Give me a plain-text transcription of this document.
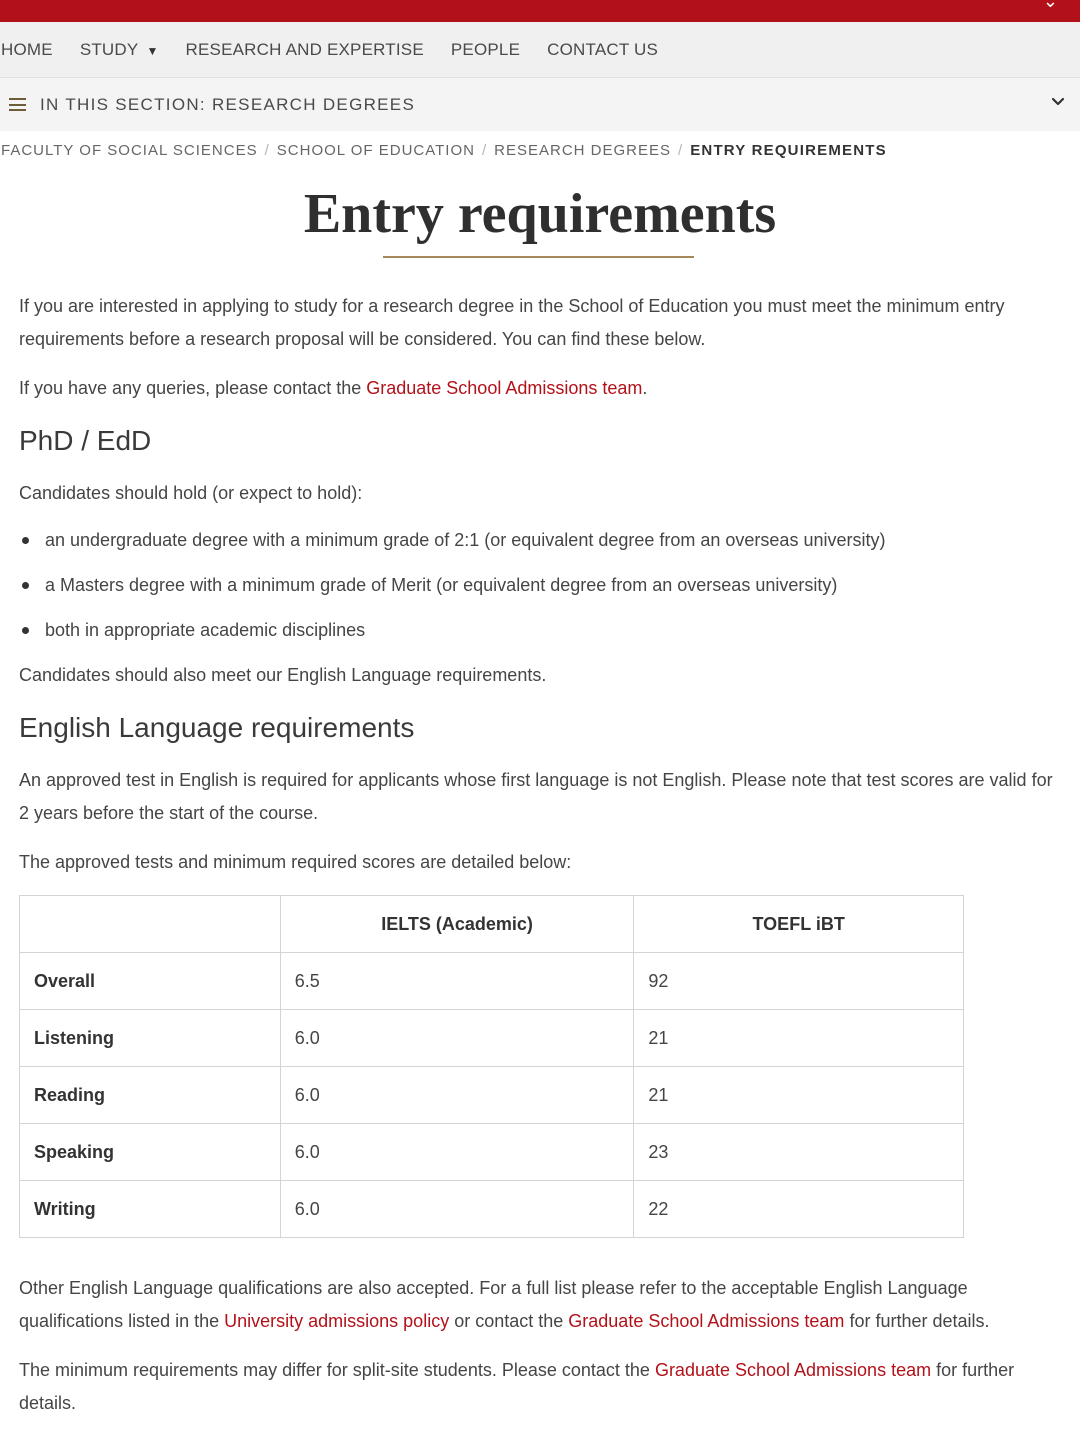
⌄
HOME STUDY ▼ RESEARCH AND EXPERTISE PEOPLE CONTACT US
IN THIS SECTION: RESEARCH DEGREES
FACULTY OF SOCIAL SCIENCES / SCHOOL OF EDUCATION / RESEARCH DEGREES / ENTRY REQUIREMENTS
Entry requirements

If you are interested in applying to study for a research degree in the School of Education you must meet the minimum entry requirements before a research proposal will be considered. You can find these below.

If you have any queries, please contact the Graduate School Admissions team.

PhD / EdD

Candidates should hold (or expect to hold):

an undergraduate degree with a minimum grade of 2:1 (or equivalent degree from an overseas university)
a Masters degree with a minimum grade of Merit (or equivalent degree from an overseas university)
both in appropriate academic disciplines

Candidates should also meet our English Language requirements.

English Language requirements

An approved test in English is required for applicants whose first language is not English. Please note that test scores are valid for 2 years before the start of the course.

The approved tests and minimum required scores are detailed below:

	IELTS (Academic)	TOEFL iBT
Overall	6.5	92
Listening	6.0	21
Reading	6.0	21
Speaking	6.0	23
Writing	6.0	22

Other English Language qualifications are also accepted. For a full list please refer to the acceptable English Language qualifications listed in the University admissions policy or contact the Graduate School Admissions team for further details.

The minimum requirements may differ for split-site students. Please contact the Graduate School Admissions team for further details.
